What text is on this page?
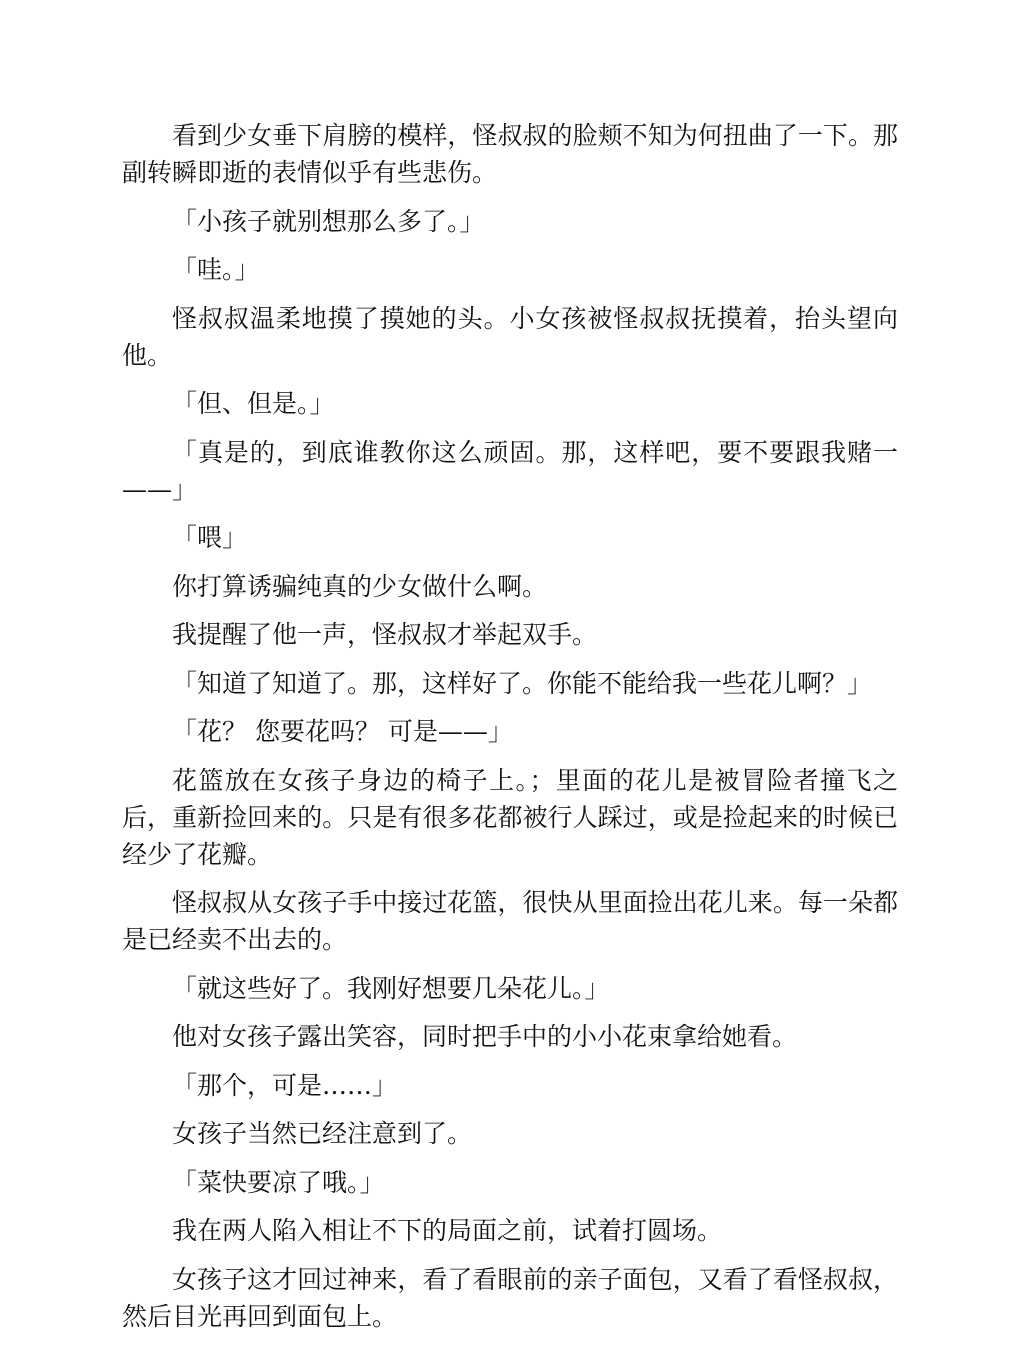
看到少女垂下肩膀的模样，怪叔叔的脸颊不知为何扭曲了一下。那副转瞬即逝的表情似乎有些悲伤。

「小孩子就别想那么多了。」

「哇。」

怪叔叔温柔地摸了摸她的头。小女孩被怪叔叔抚摸着，抬头望向他。

「但、但是。」

「真是的，到底谁教你这么顽固。那，这样吧，要不要跟我赌一——」

「喂」

你打算诱骗纯真的少女做什么啊。

我提醒了他一声，怪叔叔才举起双手。

「知道了知道了。那，这样好了。你能不能给我一些花儿啊？」

「花？ 您要花吗？ 可是——」

花篮放在女孩子身边的椅子上。；里面的花儿是被冒险者撞飞之后，重新捡回来的。只是有很多花都被行人踩过，或是捡起来的时候已经少了花瓣。

怪叔叔从女孩子手中接过花篮，很快从里面捡出花儿来。每一朵都是已经卖不出去的。

「就这些好了。我刚好想要几朵花儿。」

他对女孩子露出笑容，同时把手中的小小花束拿给她看。

「那个，可是……」

女孩子当然已经注意到了。

「菜快要凉了哦。」

我在两人陷入相让不下的局面之前，试着打圆场。

女孩子这才回过神来，看了看眼前的亲子面包，又看了看怪叔叔，然后目光再回到面包上。
